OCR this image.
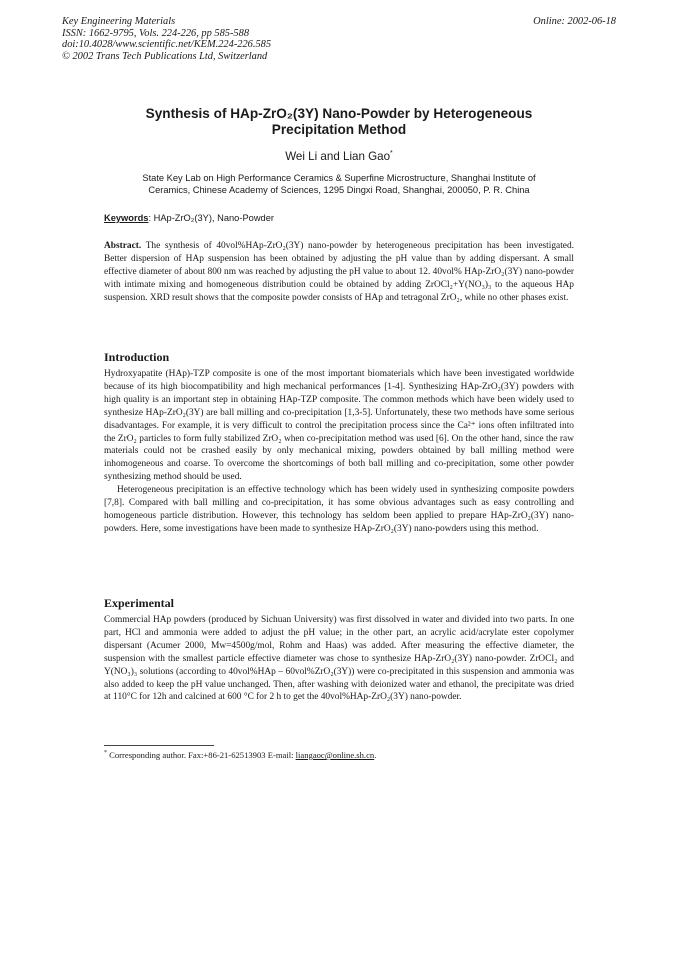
Key Engineering Materials
ISSN: 1662-9795, Vols. 224-226, pp 585-588
doi:10.4028/www.scientific.net/KEM.224-226.585
© 2002 Trans Tech Publications Ltd, Switzerland
Online: 2002-06-18
Synthesis of HAp-ZrO₂(3Y) Nano-Powder by Heterogeneous
Precipitation Method
Wei Li and Lian Gao*
State Key Lab on High Performance Ceramics & Superfine Microstructure, Shanghai Institute of
Ceramics, Chinese Academy of Sciences, 1295 Dingxi Road, Shanghai, 200050, P. R. China
Keywords: HAp-ZrO₂(3Y), Nano-Powder

Abstract. The synthesis of 40vol%HAp-ZrO₂(3Y) nano-powder by heterogeneous precipitation has been investigated. Better dispersion of HAp suspension has been obtained by adjusting the pH value than by adding dispersant. A small effective diameter of about 800 nm was reached by adjusting the pH value to about 12. 40vol% HAp-ZrO₂(3Y) nano-powder with intimate mixing and homogeneous distribution could be obtained by adding ZrOCl₂+Y(NO₃)₃ to the aqueous HAp suspension. XRD result shows that the composite powder consists of HAp and tetragonal ZrO₂, while no other phases exist.

Introduction

Hydroxyapatite (HAp)-TZP composite is one of the most important biomaterials which have been investigated worldwide because of its high biocompatibility and high mechanical performances [1-4]. Synthesizing HAp-ZrO₂(3Y) powders with high quality is an important step in obtaining HAp-TZP composite. The common methods which have been widely used to synthesize HAp-ZrO₂(3Y) are ball milling and co-precipitation [1,3-5]. Unfortunately, these two methods have some serious disadvantages. For example, it is very difficult to control the precipitation process since the Ca²⁺ ions often infiltrated into the ZrO₂ particles to form fully stabilized ZrO₂ when co-precipitation method was used [6]. On the other hand, since the raw materials could not be crashed easily by only mechanical mixing, powders obtained by ball milling method were inhomogeneous and coarse. To overcome the shortcomings of both ball milling and co-precipitation, some other powder synthesizing method should be used.

Heterogeneous precipitation is an effective technology which has been widely used in synthesizing composite powders [7,8]. Compared with ball milling and co-precipitation, it has some obvious advantages such as easy controlling and homogeneous particle distribution. However, this technology has seldom been applied to prepare HAp-ZrO₂(3Y) nano-powders. Here, some investigations have been made to synthesize HAp-ZrO₂(3Y) nano-powders using this method.

Experimental

Commercial HAp powders (produced by Sichuan University) was first dissolved in water and divided into two parts. In one part, HCl and ammonia were added to adjust the pH value; in the other part, an acrylic acid/acrylate ester copolymer dispersant (Acumer 2000, Mw=4500g/mol, Rohm and Haas) was added. After measuring the effective diameter, the suspension with the smallest particle effective diameter was chose to synthesize HAp-ZrO₂(3Y) nano-powder. ZrOCl₂ and Y(NO₃)₃ solutions (according to 40vol%HAp – 60vol%ZrO₂(3Y)) were co-precipitated in this suspension and ammonia was also added to keep the pH value unchanged. Then, after washing with deionized water and ethanol, the precipitate was dried at 110°C for 12h and calcined at 600 °C for 2 h to get the 40vol%HAp-ZrO₂(3Y) nano-powder.

* Corresponding author. Fax:+86-21-62513903 E-mail: liangaoc@online.sh.cn.
